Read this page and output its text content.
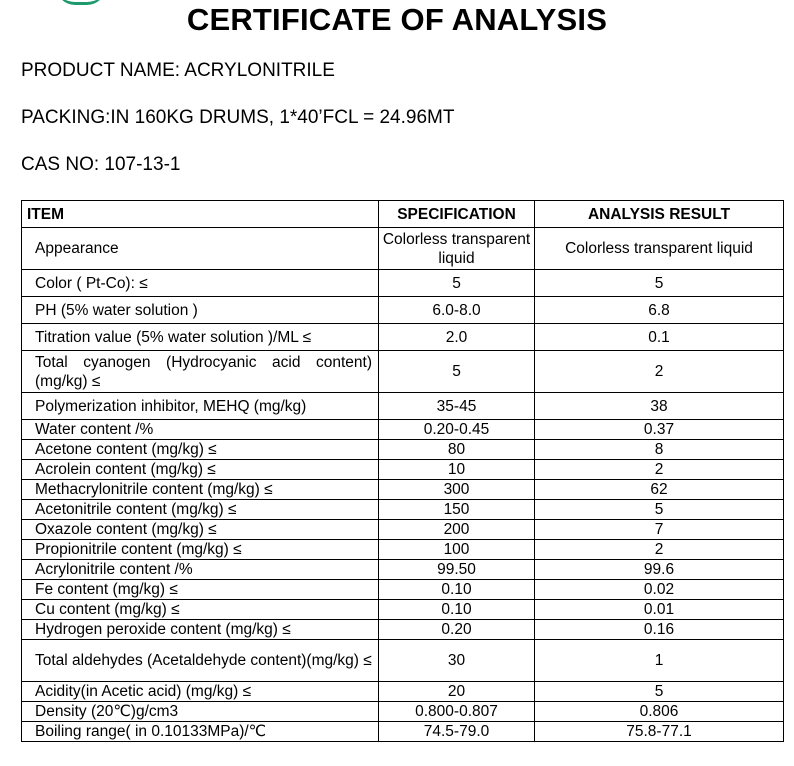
CERTIFICATE OF ANALYSIS
PRODUCT NAME: ACRYLONITRILE
PACKING:IN 160KG DRUMS, 1*40’FCL = 24.96MT
CAS NO: 107-13-1
ITEM	SPECIFICATION	ANALYSIS RESULT
Appearance	Colorless transparent liquid	Colorless transparent liquid
Color ( Pt-Co): ≤	5	5
PH (5% water solution )	6.0-8.0	6.8
Titration value (5% water solution )/ML ≤	2.0	0.1
Total cyanogen (Hydrocyanic acid content)(mg/kg) ≤	5	2
Polymerization inhibitor, MEHQ (mg/kg)	35-45	38
Water content /%	0.20-0.45	0.37
Acetone content (mg/kg) ≤	80	8
Acrolein content (mg/kg) ≤	10	2
Methacrylonitrile content (mg/kg) ≤	300	62
Acetonitrile content (mg/kg) ≤	150	5
Oxazole content (mg/kg) ≤	200	7
Propionitrile content (mg/kg) ≤	100	2
Acrylonitrile content /%	99.50	99.6
Fe content (mg/kg) ≤	0.10	0.02
Cu content (mg/kg) ≤	0.10	0.01
Hydrogen peroxide content (mg/kg) ≤	0.20	0.16
Total aldehydes (Acetaldehyde content)(mg/kg) ≤	30	1
Acidity(in Acetic acid) (mg/kg) ≤	20	5
Density (20℃)g/cm3	0.800-0.807	0.806
Boiling range( in 0.10133MPa)/℃	74.5-79.0	75.8-77.1
